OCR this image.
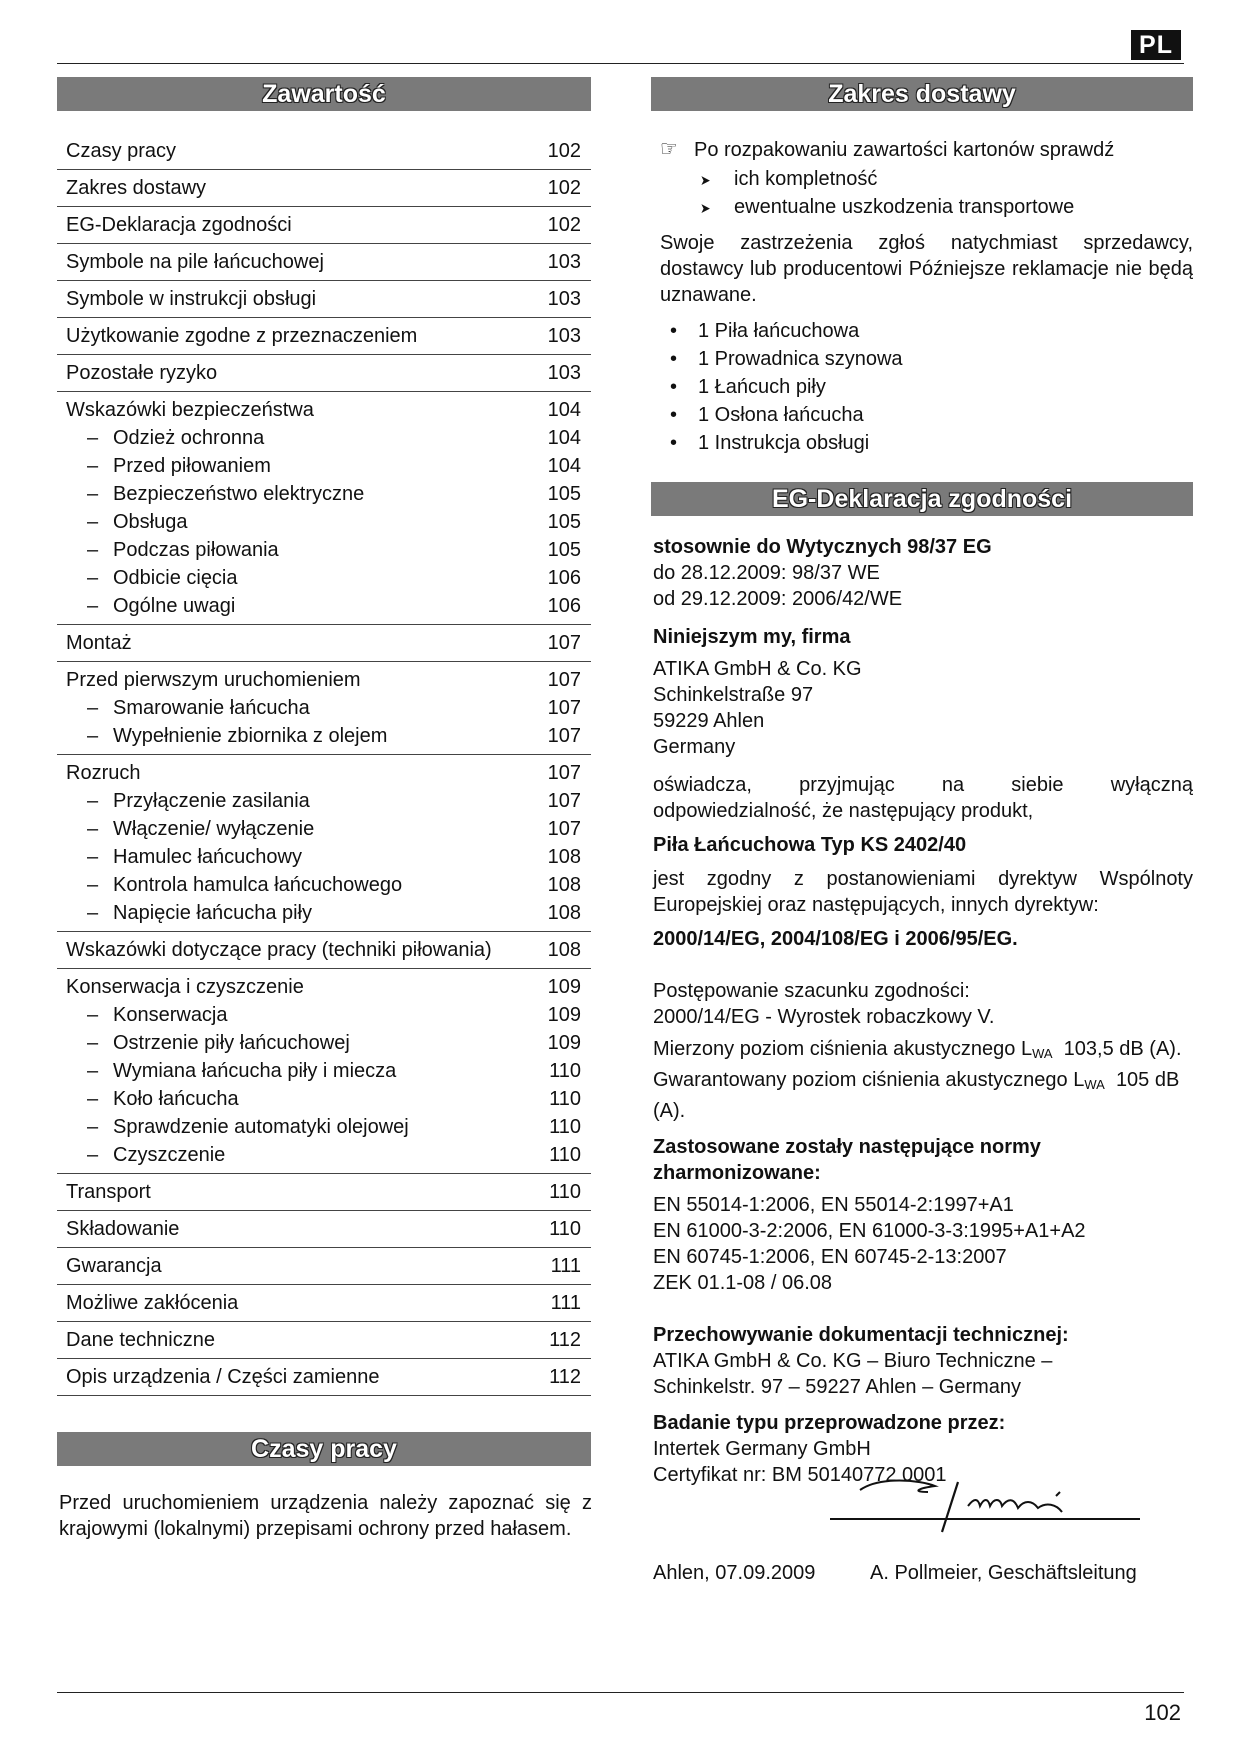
PL
Zawartość
Czasy pracy	102
Zakres dostawy	102
EG-Deklaracja zgodności	102
Symbole na pile łańcuchowej	103
Symbole w instrukcji obsługi	103
Użytkowanie zgodne z przeznaczeniem	103
Pozostałe ryzyko	103
Wskazówki bezpieczeństwa	104
– Odzież ochronna	104
– Przed piłowaniem	104
– Bezpieczeństwo elektryczne	105
– Obsługa	105
– Podczas piłowania	105
– Odbicie cięcia	106
– Ogólne uwagi	106
Montaż	107
Przed pierwszym uruchomieniem	107
– Smarowanie łańcucha	107
– Wypełnienie zbiornika z olejem	107
Rozruch	107
– Przyłączenie zasilania	107
– Włączenie/ wyłączenie	107
– Hamulec łańcuchowy	108
– Kontrola hamulca łańcuchowego	108
– Napięcie łańcucha piły	108
Wskazówki dotyczące pracy (techniki piłowania)	108
Konserwacja i czyszczenie	109
– Konserwacja	109
– Ostrzenie piły łańcuchowej	109
– Wymiana łańcucha piły i miecza	110
– Koło łańcucha	110
– Sprawdzenie automatyki olejowej	110
– Czyszczenie	110
Transport	110
Składowanie	110
Gwarancja	111
Możliwe zakłócenia	111
Dane techniczne	112
Opis urządzenia / Części zamienne	112
Czasy pracy
Przed uruchomieniem urządzenia należy zapoznać się z krajowymi (lokalnymi) przepisami ochrony przed hałasem.
Zakres dostawy
☞ Po rozpakowaniu zawartości kartonów sprawdź
➤	ich kompletność
➤	ewentualne uszkodzenia transportowe
Swoje zastrzeżenia zgłoś natychmiast sprzedawcy, dostawcy lub producentowi Późniejsze reklamacje nie będą uznawane.
•	1 Piła łańcuchowa
•	1 Prowadnica szynowa
•	1 Łańcuch piły
•	1 Osłona łańcucha
•	1 Instrukcja obsługi
EG-Deklaracja zgodności
stosownie do Wytycznych 98/37 EG
do 28.12.2009: 98/37 WE
od 29.12.2009: 2006/42/WE
Niniejszym my, firma
ATIKA GmbH & Co. KG
Schinkelstraße 97
59229 Ahlen
Germany
oświadcza, przyjmując na siebie wyłączną odpowiedzialność, że następujący produkt,
Piła Łańcuchowa Typ KS 2402/40
jest zgodny z postanowieniami dyrektyw Wspólnoty Europejskiej oraz następujących, innych dyrektyw:
2000/14/EG, 2004/108/EG i 2006/95/EG.
Postępowanie szacunku zgodności:
2000/14/EG - Wyrostek robaczkowy V.
Mierzony poziom ciśnienia akustycznego LWA 103,5 dB (A).
Gwarantowany poziom ciśnienia akustycznego LWA 105 dB (A).
Zastosowane zostały następujące normy zharmonizowane:
EN 55014-1:2006, EN 55014-2:1997+A1
EN 61000-3-2:2006, EN 61000-3-3:1995+A1+A2
EN 60745-1:2006, EN 60745-2-13:2007
ZEK 01.1-08 / 06.08
Przechowywanie dokumentacji technicznej:
ATIKA GmbH & Co. KG – Biuro Techniczne –
Schinkelstr. 97 – 59227 Ahlen – Germany
Badanie typu przeprowadzone przez:
Intertek Germany GmbH
Certyfikat nr: BM 50140772 0001
Ahlen, 07.09.2009	A. Pollmeier, Geschäftsleitung
102
